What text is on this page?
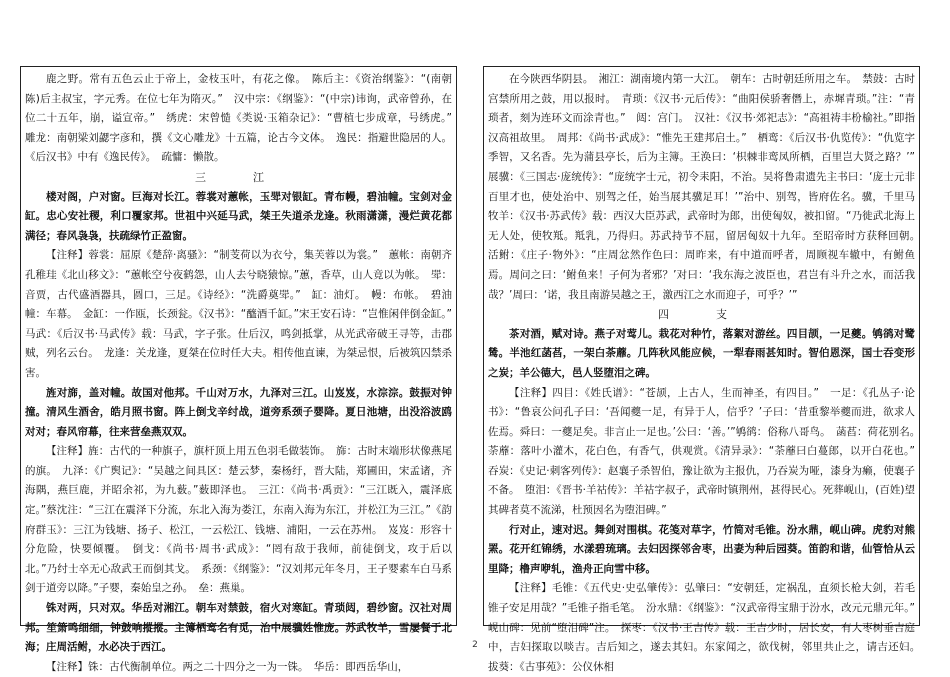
鹿之野。常有五色云止于帝上，金枝玉叶，有花之像。　陈后主：《资治纲鉴》：“(南朝陈)后主叔宝，字元秀。在位七年为隋灭。”　汉中宗：《纲鉴》：“(中宗)讳询，武帝曾孙，在位二十五年，崩，谥宣帝。”　绣虎：宋曾慥《类说·玉箱杂记》：“曹植七步成章，号绣虎。”　雕龙：南朝梁刘勰字彦和，撰《文心雕龙》十五篇，论古今文体。　逸民：指避世隐居的人。《后汉书》中有《逸民传》。　疏慵：懒散。

三　江

楼对阁，户对窗。巨海对长江。蓉裳对蕙帐，玉斝对银缸。青布幔，碧油幢。宝剑对金缸。忠心安社稷，利口覆家邦。世祖中兴延马武，桀王失道杀龙逢。秋雨潇潇，漫烂黄花都满径；春风袅袅，扶疏绿竹正盈窗。

【注释】蓉裳：屈原《楚辞·离骚》：“制芰荷以为衣兮，集芙蓉以为裳。”　蕙帐：南朝齐孔稚珪《北山移文》：“蕙帐空兮夜鹤怨，山人去兮晓猿惊。”蕙，香草，山人竟以为帐。　斝：音贾，古代盛酒器具，圆口，三足。《诗经》：“洗爵奠斝。”　缸：油灯。　幔：布帐。　碧油幢：车幕。　金缸：一作瓯，长颈瓮。《汉书》：“醯酒千缸。”宋王安石诗：“岂惟闲伴倒金缸。”　马武：《后汉书·马武传》载：马武，字子张。仕后汉，鸣剑抵掌，从光武帝破王寻等，击郡贼，列名云台。　龙逢：关龙逢，夏桀在位时任大夫。相传他直谏，为桀忌恨，后被筑囚禁杀害。

旌对旆，盖对幢。故国对他邦。千山对万水，九泽对三江。山岌岌，水淙淙。鼓振对钟撞。清风生酒舍，皓月照书窗。阵上倒戈辛纣战，道旁系颈子婴降。夏日池塘，出没浴波鸥对对；春风帘幕，往来营垒燕双双。

【注释】旌：古代的一种旗子，旗杆顶上用五色羽毛做装饰。　旆：古时末端形状像燕尾的旗。　九泽：《广舆记》：“吴越之间具区：楚云梦，秦杨纡，晋大陆，郑圃田，宋孟诸，齐海隅，燕巨鹿，并昭余祁，为九薮。”薮即泽也。　三江：《尚书·禹贡》：“三江既入，震泽底定。”蔡沈注：“三江在震泽下分流，东北入海为娄江，东南入海为东江，并松江为三江。”《韵府群玉》：三江为钱塘、扬子、松江，一云松江、钱塘、浦阳，一云在苏州。　岌岌：形容十分危险，快要倾覆。　倒戈：《尚书·周书·武成》：“罔有敌于我师，前徒倒戈，攻于后以北。”乃纣士卒无心敌武王而倒其戈。　系颈：《纲鉴》：“汉刘邦元年冬月，王子婴素车白马系剑于道旁以降。”子婴，秦始皇之孙。　垒：燕巢。

铢对两，只对双。华岳对湘江。朝车对禁鼓，宿火对寒缸。青琐闼，碧纱窗。汉社对周邦。笙箫鸣细细，钟鼓响摐摐。主簿栖鸾名有觅，治中展骥姓惟庞。苏武牧羊，雪屡餐于北海；庄周活鲋，水必决于西江。

【注释】铢：古代衡制单位。两之二十四分之一为一铢。　华岳：即西岳华山，

在今陕西华阴县。　湘江：湖南境内第一大江。　朝车：古时朝廷所用之车。　禁鼓：古时宫禁所用之鼓，用以报时。　青琐：《汉书·元后传》：“曲阳侯骄奢僭上，赤墀青琐。”注：“青琐者，刻为连环文而涂青也。”　闼：宫门。　汉社：《汉书·郊祀志》：“高祖祷丰枌榆社。”即指汉高祖故里。　周邦：《尚书·武成》：“惟先王建邦启土。”　栖鸾：《后汉书·仇览传》：“仇览字季智，又名香。先为蒲县亭长，后为主簿。王涣曰：‘枳棘非鸾凤所栖，百里岂大贤之路？’”　展骥：《三国志·庞统传》：“庞统字士元，初令耒阳，不治。吴将鲁肃遗先主书曰：‘庞士元非百里才也，使处治中、别驾之任，始当展其骥足耳！’”治中、别驾，皆府佐名。骥，千里马　牧羊：《汉书·苏武传》载：西汉大臣苏武，武帝时为郎，出使匈奴，被扣留。“乃徙武北海上无人处，使牧羝。羝乳，乃得归。苏武持节不屈，留居匈奴十九年。至昭帝时方获释回朝。　活鲋：《庄子·物外》：“庄周忿然作色曰：周昨来，有中道而呼者，周顾视车辙中，有鲋鱼焉。周问之曰：‘鲋鱼来！子何为者邪？’对曰：‘我东海之波臣也，君岂有斗升之水，而活我哉？’周曰：‘诺，我且南游吴越之王，激西江之水而迎子，可乎？’”

四　支

茶对酒，赋对诗。燕子对莺儿。栽花对种竹，落絮对游丝。四目颉，一足夔。鸲鹆对鹭鸶。半池红菡萏，一架白荼蘼。几阵秋风能应候，一犁春雨甚知时。智伯恩深，国士吞变形之炭；羊公德大，邑人竖堕泪之碑。

【注释】四目：《姓氏谱》：“苍颉，上古人，生而神圣，有四目。”　一足：《孔丛子·论书》：“鲁哀公问孔子曰：‘吾闻夔一足，有异于人，信乎？’子曰：‘昔重黎举夔而进，欲求人佐焉。舜曰：一夔足矣。非言止一足也。’公曰：‘善。’”鸲鹆：俗称八哥鸟。　菡萏：荷花别名。　荼蘼：落叶小灌木，花白色，有香气，供观赏。《清异录》：“荼蘼曰白蔓郎，以开白花也。”　吞炭：《史记·刺客列传》：赵襄子杀智伯，豫让欲为主报仇，乃吞炭为哑，漆身为癞，使襄子不备。　堕泪：《晋书·羊祜传》：羊祜字叔子，武帝时镇荆州，甚得民心。死葬岘山，(百姓)望其碑者莫不流涕，杜预因名为堕泪碑。”

行对止，速对迟。舞剑对围棋。花笺对草字，竹简对毛锥。汾水鼎，岘山碑。虎豹对熊罴。花开红锦绣，水漾碧琉璃。去妇因探邻舍枣，出妻为种后园葵。笛韵和谐，仙管恰从云里降；橹声咿轧，渔舟正向雪中移。

【注释】毛锥：《五代史·史弘肇传》：弘肇曰：“安朝廷，定祸乱，直须长枪大剑，若毛锥子安足用哉？”毛锥子指毛笔。　汾水鼎：《纲鉴》：“汉武帝得宝鼎于汾水，改元元鼎元年。”　岘山碑：见前“堕泪碑”注。　探枣：《汉书·王吉传》载：王吉少时，居长安，有大枣树垂吉庭中，吉妇探取以啖吉。吉后知之，遂去其妇。东家闻之，欲伐树，邻里共止之，请吉还妇。　拔葵：《古事苑》：公仪休相

2
